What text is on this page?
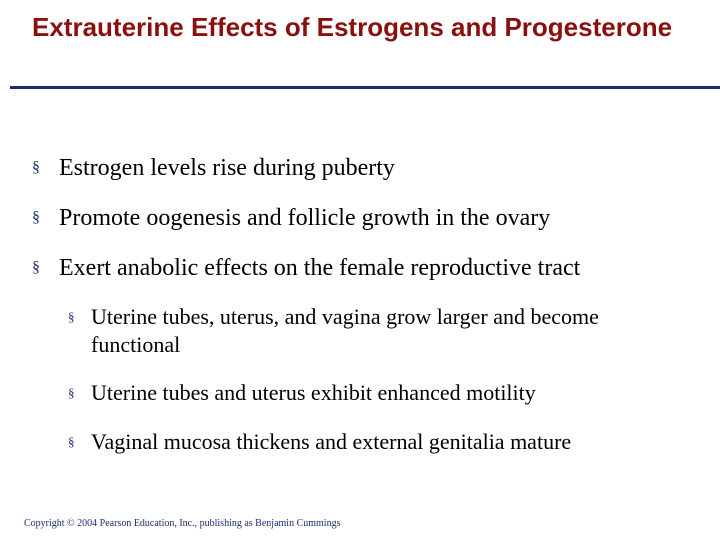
Extrauterine Effects of Estrogens and Progesterone
§ Estrogen levels rise during puberty
§ Promote oogenesis and follicle growth in the ovary
§ Exert anabolic effects on the female reproductive tract
§ Uterine tubes, uterus, and vagina grow larger and become functional
§ Uterine tubes and uterus exhibit enhanced motility
§ Vaginal mucosa thickens and external genitalia mature
Copyright © 2004 Pearson Education, Inc., publishing as Benjamin Cummings
